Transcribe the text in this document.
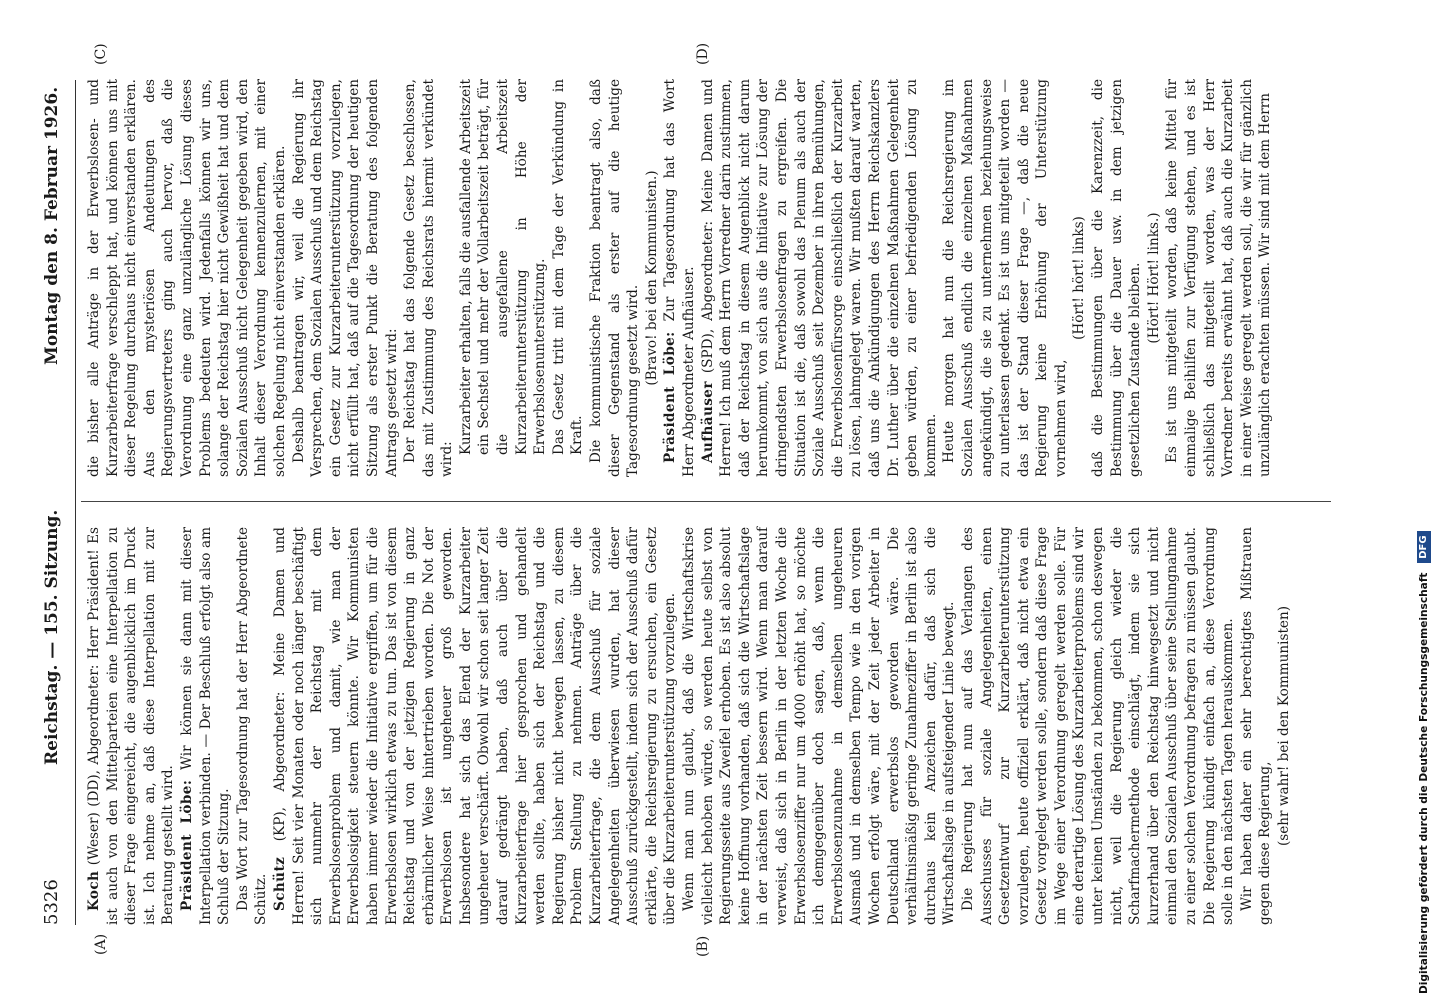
5326
Reichstag. — 155. Sitzung.
Montag den 8. Februar 1926.
(A)	(B)
(C)	(D)

Koch (Weser) (DD), Abgeordneter: Herr Präsident! Es ist auch von den Mittelparteien eine Interpellation zu dieser Frage eingereicht, die augenblicklich im Druck ist. Ich nehme an, daß diese Interpellation mit zur Beratung gestellt wird. Präsident Löbe: Wir können sie dann mit dieser Interpellation verbinden. — Der Beschluß erfolgt also am Schluß der Sitzung. Das Wort zur Tagesordnung hat der Herr Abgeordnete Schütz. Schütz (KP), Abgeordneter: Meine Damen und Herren! Seit vier Monaten oder noch länger beschäftigt sich nunmehr der Reichstag mit dem Erwerbslosenproblem und damit, wie man der Erwerbslosigkeit steuern könnte. Wir Kommunisten haben immer wieder die Initiative ergriffen, um für die Erwerbslosen wirklich etwas zu tun. Das ist von diesem Reichstag und von der jetzigen Regierung in ganz erbärmlicher Weise hintertrieben worden. Die Not der Erwerbslosen ist ungeheuer groß geworden. Insbesondere hat sich das Elend der Kurzarbeiter ungeheuer verschärft. Obwohl wir schon seit langer Zeit darauf gedrängt haben, daß auch über die Kurzarbeiterfrage hier gesprochen und gehandelt werden sollte, haben sich der Reichstag und die Regierung bisher nicht bewegen lassen, zu diesem Problem Stellung zu nehmen. Anträge über die Kurzarbeiterfrage, die dem Ausschuß für soziale Angelegenheiten überwiesen wurden, hat dieser Ausschuß zurückgestellt, indem sich der Ausschuß dafür erklärte, die Reichsregierung zu ersuchen, ein Gesetz über die Kurzarbeiterunterstützung vorzulegen. Wenn man nun glaubt, daß die Wirtschaftskrise vielleicht behoben würde, so werden heute selbst von Regierungsseite aus Zweifel erhoben. Es ist also absolut keine Hoffnung vorhanden, daß sich die Wirtschaftslage in der nächsten Zeit bessern wird. Wenn man darauf verweist, daß sich in Berlin in der letzten Woche die Erwerbslosenziffer nur um 4000 erhöht hat, so möchte ich demgegenüber doch sagen, daß, wenn die Erwerbslosenzunahme in demselben ungeheuren Ausmaß und in demselben Tempo wie in den vorigen Wochen erfolgt wäre, mit der Zeit jeder Arbeiter in Deutschland erwerbslos geworden wäre. Die verhältnismäßig geringe Zunahmeziffer in Berlin ist also durchaus kein Anzeichen dafür, daß sich die Wirtschaftslage in aufsteigender Linie bewegt. Die Regierung hat nun auf das Verlangen des Ausschusses für soziale Angelegenheiten, einen Gesetzentwurf zur Kurzarbeiterunterstützung vorzulegen, heute offiziell erklärt, daß nicht etwa ein Gesetz vorgelegt werden solle, sondern daß diese Frage im Wege einer Verordnung geregelt werden solle. Für eine derartige Lösung des Kurzarbeiterproblems sind wir unter keinen Umständen zu bekommen, schon deswegen nicht, weil die Regierung gleich wieder die Scharfmachermethode einschlägt, indem sie sich kurzerhand über den Reichstag hinwegsetzt und nicht einmal den Sozialen Ausschuß über seine Stellungnahme zu einer solchen Verordnung befragen zu müssen glaubt. Die Regierung kündigt einfach an, diese Verordnung solle in den nächsten Tagen herauskommen. Wir haben daher ein sehr berechtigtes Mißtrauen gegen diese Regierung, (sehr wahr! bei den Kommunisten)

die bisher alle Anträge in der Erwerbslosen- und Kurzarbeiterfrage verschleppt hat, und können uns mit dieser Regelung durchaus nicht einverstanden erklären. Aus den mysteriösen Andeutungen des Regierungsvertreters ging auch hervor, daß die Verordnung eine ganz unzulängliche Lösung dieses Problems bedeuten wird. Jedenfalls können wir uns, solange der Reichstag hier nicht Gewißheit hat und dem Sozialen Ausschuß nicht Gelegenheit gegeben wird, den Inhalt dieser Verordnung kennenzulernen, mit einer solchen Regelung nicht einverstanden erklären. Deshalb beantragen wir, weil die Regierung ihr Versprechen, dem Sozialen Ausschuß und dem Reichstag ein Gesetz zur Kurzarbeiterunterstützung vorzulegen, nicht erfüllt hat, daß auf die Tagesordnung der heutigen Sitzung als erster Punkt die Beratung des folgenden Antrags gesetzt wird: Der Reichstag hat das folgende Gesetz beschlossen, das mit Zustimmung des Reichsrats hiermit verkündet wird:

Kurzarbeiter erhalten, falls die ausfallende Arbeitszeit ein Sechstel und mehr der Vollarbeitszeit beträgt, für die ausgefallene Arbeitszeit Kurzarbeiterunterstützung in Höhe der Erwerbslosenunterstützung. Das Gesetz tritt mit dem Tage der Verkündung in Kraft. Die kommunistische Fraktion beantragt also, daß dieser Gegenstand als erster auf die heutige Tagesordnung gesetzt wird. (Bravo! bei den Kommunisten.)

Präsident Löbe: Zur Tagesordnung hat das Wort Herr Abgeordneter Aufhäuser. Aufhäuser (SPD), Abgeordneter: Meine Damen und Herren! Ich muß dem Herrn Vorredner darin zustimmen, daß der Reichstag in diesem Augenblick nicht darum herumkommt, von sich aus die Initiative zur Lösung der dringendsten Erwerbslosenfragen zu ergreifen. Die Situation ist die, daß sowohl das Plenum als auch der Soziale Ausschuß seit Dezember in ihren Bemühungen, die Erwerbslosenfürsorge einschließlich der Kurzarbeit zu lösen, lahmgelegt waren. Wir mußten darauf warten, daß uns die Ankündigungen des Herrn Reichskanzlers Dr. Luther über die einzelnen Maßnahmen Gelegenheit geben würden, zu einer befriedigenden Lösung zu kommen. Heute morgen hat nun die Reichsregierung im Sozialen Ausschuß endlich die einzelnen Maßnahmen angekündigt, die sie zu unternehmen beziehungsweise zu unterlassen gedenkt. Es ist uns mitgeteilt worden — das ist der Stand dieser Frage —, daß die neue Regierung keine Erhöhung der Unterstützung vornehmen wird,

(Hört! hört! links) daß die Bestimmungen über die Karenzzeit, die Bestimmung über die Dauer usw. in dem jetzigen gesetzlichen Zustande bleiben. (Hört! Hört! links.) Es ist uns mitgeteilt worden, daß keine Mittel für einmalige Beihilfen zur Verfügung stehen, und es ist schließlich das mitgeteilt worden, was der Herr Vorredner bereits erwähnt hat, daß auch die Kurzarbeit in einer Weise geregelt werden soll, die wir für gänzlich unzulänglich erachten müssen. Wir sind mit dem Herrn

Digitalisierung gefördert durch die Deutsche Forschungsgemeinschaft DFG
